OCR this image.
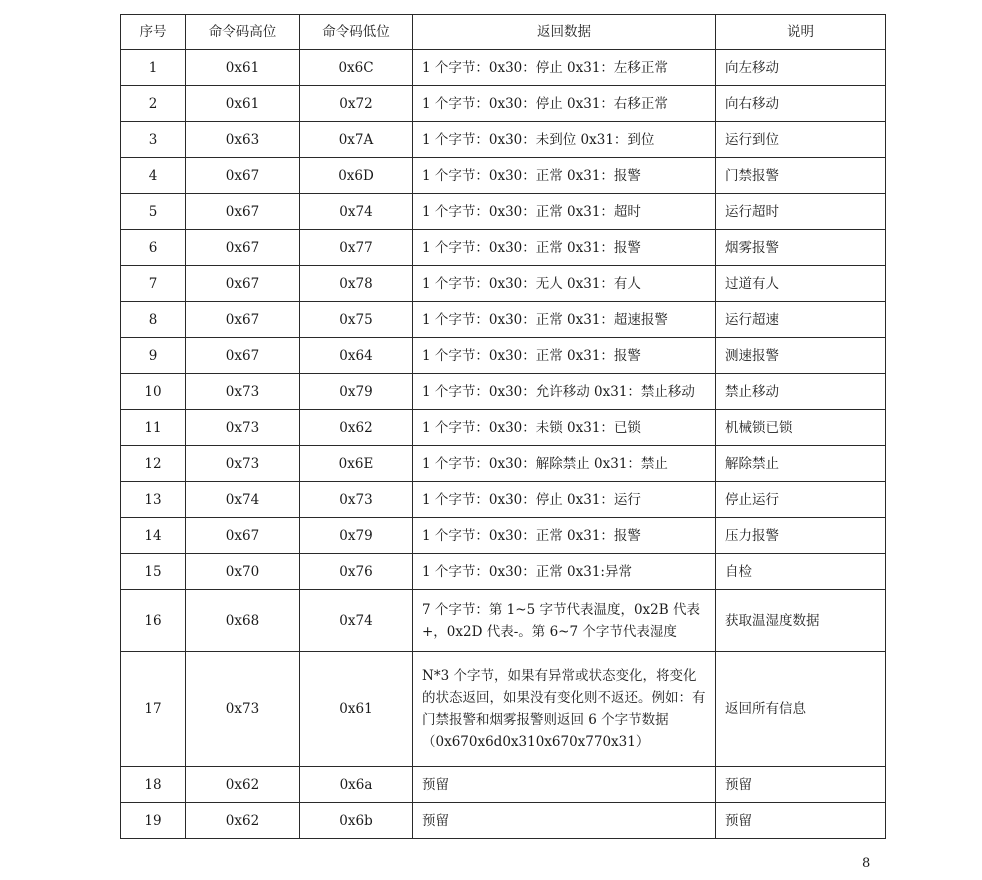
序号	命令码高位	命令码低位	返回数据	说明
1	0x61	0x6C	1 个字节：0x30：停止 0x31：左移正常	向左移动
2	0x61	0x72	1 个字节：0x30：停止 0x31：右移正常	向右移动
3	0x63	0x7A	1 个字节：0x30：未到位 0x31：到位	运行到位
4	0x67	0x6D	1 个字节：0x30：正常 0x31：报警	门禁报警
5	0x67	0x74	1 个字节：0x30：正常 0x31：超时	运行超时
6	0x67	0x77	1 个字节：0x30：正常 0x31：报警	烟雾报警
7	0x67	0x78	1 个字节：0x30：无人 0x31：有人	过道有人
8	0x67	0x75	1 个字节：0x30：正常 0x31：超速报警	运行超速
9	0x67	0x64	1 个字节：0x30：正常 0x31：报警	测速报警
10	0x73	0x79	1 个字节：0x30：允许移动 0x31：禁止移动	禁止移动
11	0x73	0x62	1 个字节：0x30：未锁 0x31：已锁	机械锁已锁
12	0x73	0x6E	1 个字节：0x30：解除禁止 0x31：禁止	解除禁止
13	0x74	0x73	1 个字节：0x30：停止 0x31：运行	停止运行
14	0x67	0x79	1 个字节：0x30：正常 0x31：报警	压力报警
15	0x70	0x76	1 个字节：0x30：正常 0x31:异常	自检
16	0x68	0x74	7 个字节：第 1~5 字节代表温度，0x2B 代表+，0x2D 代表-。第 6~7 个字节代表湿度	获取温湿度数据
17	0x73	0x61	N*3 个字节，如果有异常或状态变化，将变化的状态返回，如果没有变化则不返还。例如：有门禁报警和烟雾报警则返回 6 个字节数据（0x670x6d0x310x670x770x31）	返回所有信息
18	0x62	0x6a	预留	预留
19	0x62	0x6b	预留	预留
8
